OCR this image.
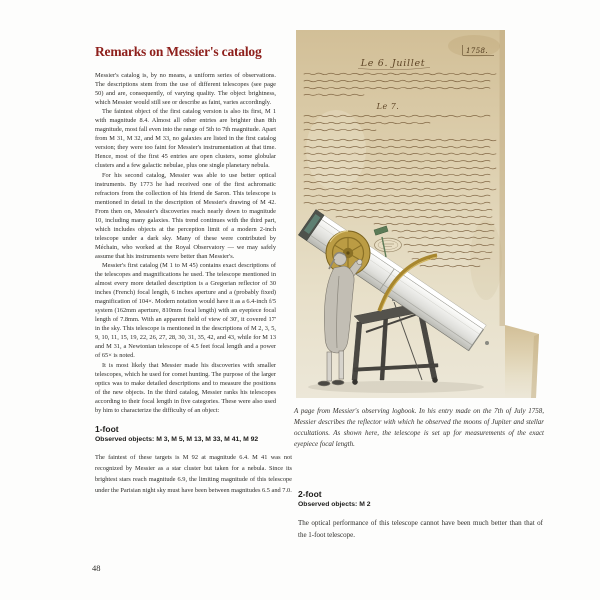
Remarks on Messier's catalog

Messier's catalog is, by no means, a uniform series of observations. The descriptions stem from the use of different telescopes (see page 50) and are, consequently, of varying quality. The object brightness, which Messier would still see or describe as faint, varies accordingly.

The faintest object of the first catalog version is also its first, M 1 with magnitude 8.4. Almost all other entries are brighter than 8th magnitude, most fall even into the range of 5th to 7th magnitude. Apart from M 31, M 32, and M 33, no galaxies are listed in the first catalog version; they were too faint for Messier's instrumentation at that time. Hence, most of the first 45 entries are open clusters, some globular clusters and a few galactic nebulae, plus one single planetary nebula.

For his second catalog, Messier was able to use better optical instruments. By 1773 he had received one of the first achromatic refractors from the collection of his friend de Saron. This telescope is mentioned in detail in the description of Messier's drawing of M 42. From then on, Messier's discoveries reach nearly down to magnitude 10, including many galaxies. This trend continues with the third part, which includes objects at the perception limit of a modern 2-inch telescope under a dark sky. Many of these were contributed by Méchain, who worked at the Royal Observatory — we may safely assume that his instruments were better than Messier's.

Messier's first catalog (M 1 to M 45) contains exact descriptions of the telescopes and magnifications he used. The telescope mentioned in almost every more detailed description is a Gregorian reflector of 30 inches (French) focal length, 6 inches aperture and a (probably fixed) magnification of 104×. Modern notation would have it as a 6.4-inch f/5 system (162mm aperture, 810mm focal length) with an eyepiece focal length of 7.8mm. With an apparent field of view of 30', it covered 17' in the sky. This telescope is mentioned in the descriptions of M 2, 3, 5, 9, 10, 11, 15, 19, 22, 26, 27, 28, 30, 31, 35, 42, and 43, while for M 13 and M 31, a Newtonian telescope of 4.5 feet focal length and a power of 65× is noted.

It is most likely that Messier made his discoveries with smaller telescopes, which he used for comet hunting. The purpose of the larger optics was to make detailed descriptions and to measure the positions of the new objects. In the third catalog, Messier ranks his telescopes according to their focal length in five categories. These were also used by him to characterize the difficulty of an object:

1-foot
Observed objects: M 3, M 5, M 13, M 33, M 41, M 92

The faintest of these targets is M 92 at magnitude 6.4. M 41 was not recognized by Messier as a star cluster but taken for a nebula. Since its brightest stars reach magnitude 6.9, the limiting magnitude of this telescope under the Parisian night sky must have been between magnitudes 6.5 and 7.0.

1758.
Le 6. Juillet
Le 7.
A page from Messier's observing logbook. In his entry made on the 7th of July 1758, Messier describes the reflector with which he observed the moons of Jupiter and stellar occultations. As shown here, the telescope is set up for measurements of the exact eyepiece focal length.
2-foot
Observed objects: M 2

The optical performance of this telescope cannot have been much better than that of the 1-foot telescope.

48
